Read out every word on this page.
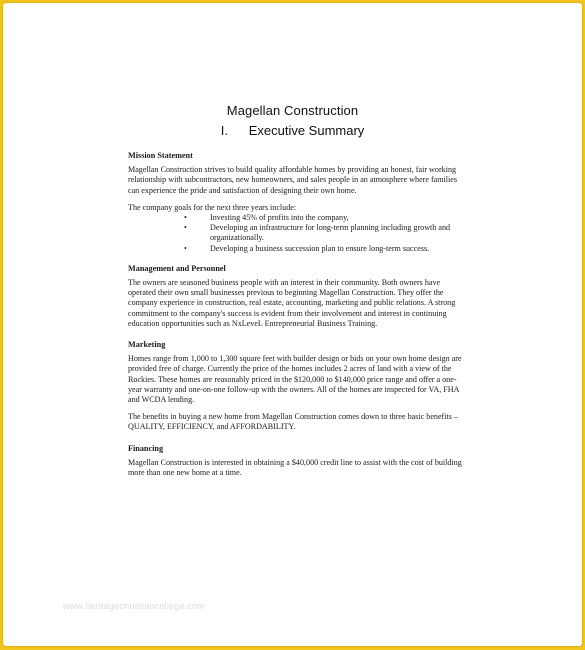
Magellan Construction
I. Executive Summary
Mission Statement

Magellan Construction strives to build quality affordable homes by providing an honest, fair working relationship with subcontractors, new homeowners, and sales people in an atmosphere where families can experience the pride and satisfaction of designing their own home.

The company goals for the next three years include:

•	Investing 45% of profits into the company,
•	Developing an infrastructure for long-term planning including growth and organizationally.
•	Developing a business succession plan to ensure long-term success.
Management and Personnel

The owners are seasoned business people with an interest in their community. Both owners have operated their own small businesses previous to beginning Magellan Construction. They offer the company experience in construction, real estate, accounting, marketing and public relations. A strong commitment to the company's success is evident from their involvement and interest in continuing education opportunities such as NxLeveL Entrepreneurial Business Training.

Marketing

Homes range from 1,000 to 1,300 square feet with builder design or bids on your own home design are provided free of charge. Currently the price of the homes includes 2 acres of land with a view of the Rockies. These homes are reasonably priced in the $120,000 to $140,000 price range and offer a one-year warranty and one-on-one follow-up with the owners. All of the homes are inspected for VA, FHA and WCDA lending.

The benefits in buying a new home from Magellan Construction comes down to three basic benefits – QUALITY, EFFICIENCY, and AFFORDABILITY.

Financing

Magellan Construction is interested in obtaining a $40,000 credit line to assist with the cost of building more than one new home at a time.

www.heritagechristiancollege.com
